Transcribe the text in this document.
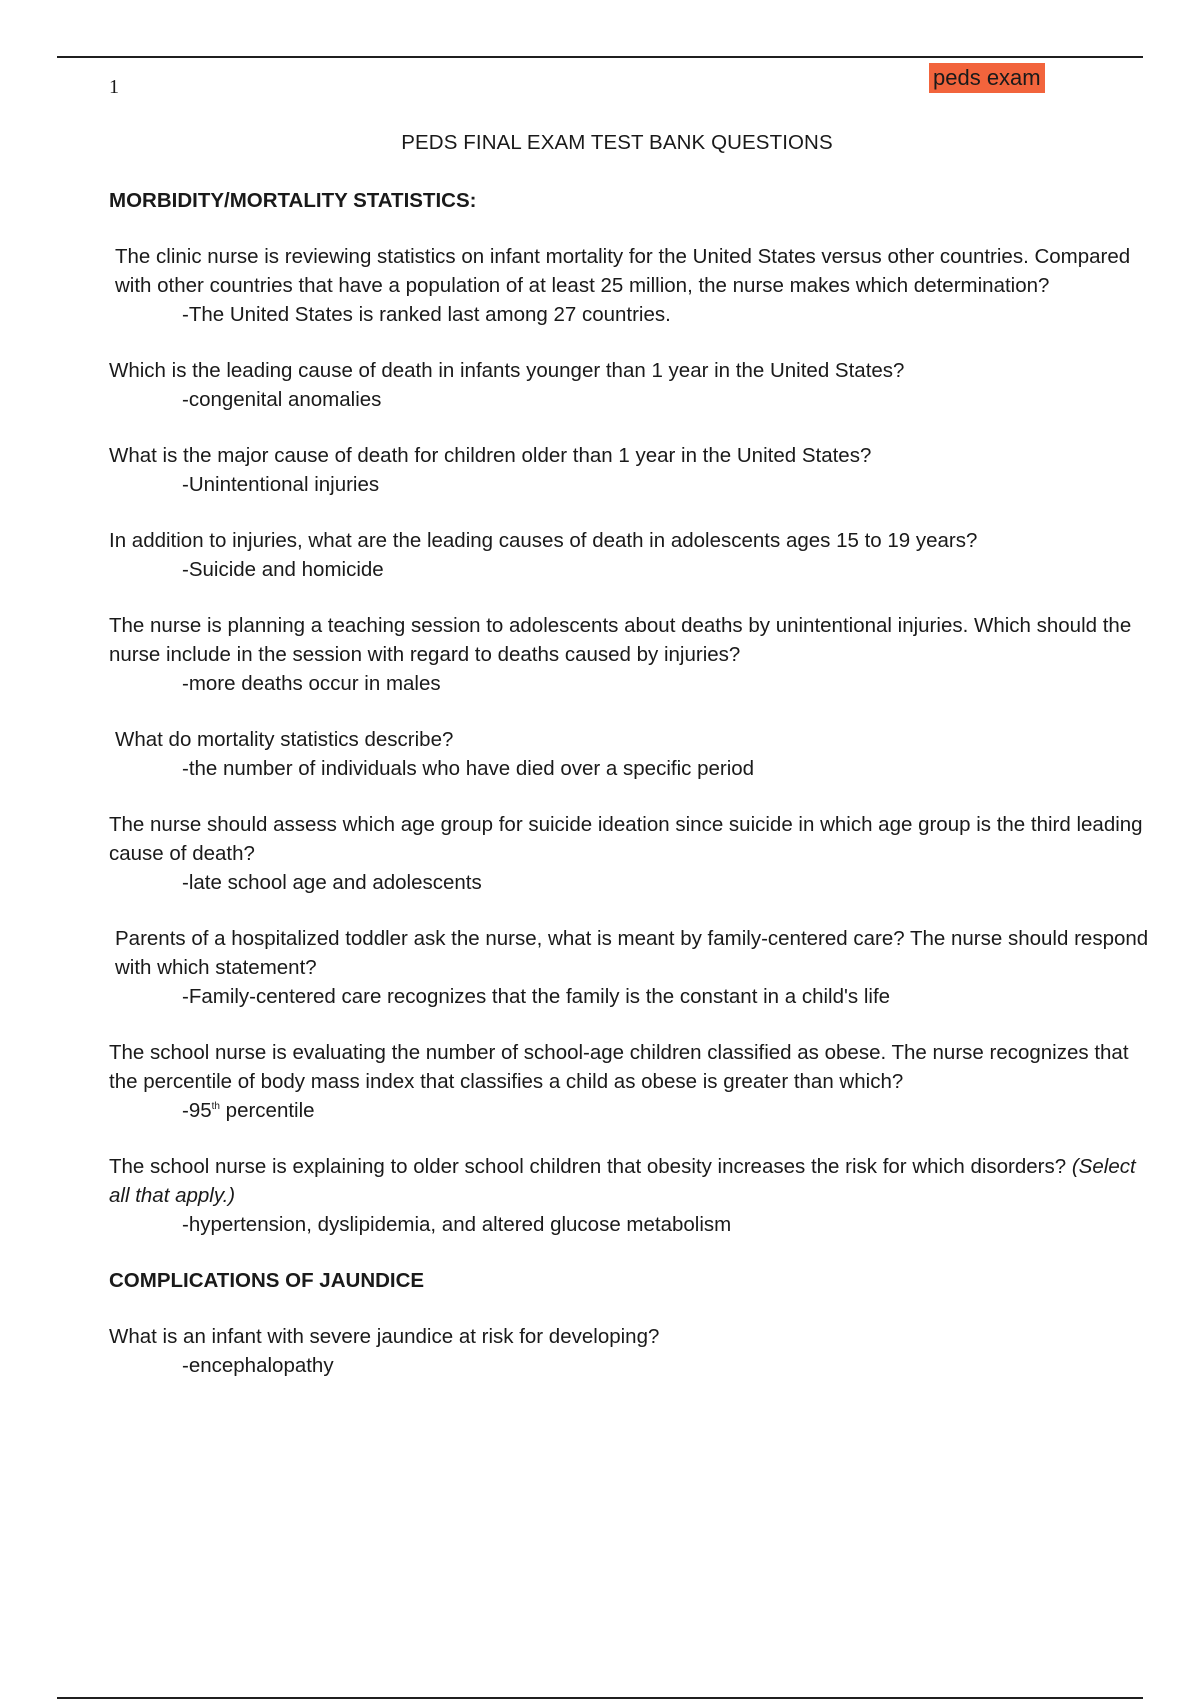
1	peds exam
PEDS FINAL EXAM TEST BANK QUESTIONS

MORBIDITY/MORTALITY STATISTICS:

The clinic nurse is reviewing statistics on infant mortality for the United States versus other countries. Compared with other countries that have a population of at least 25 million, the nurse makes which determination?

-The United States is ranked last among 27 countries.

Which is the leading cause of death in infants younger than 1 year in the United States?

-congenital anomalies

What is the major cause of death for children older than 1 year in the United States?

-Unintentional injuries

In addition to injuries, what are the leading causes of death in adolescents ages 15 to 19 years?

-Suicide and homicide

The nurse is planning a teaching session to adolescents about deaths by unintentional injuries. Which should the nurse include in the session with regard to deaths caused by injuries?

-more deaths occur in males

What do mortality statistics describe?

-the number of individuals who have died over a specific period

The nurse should assess which age group for suicide ideation since suicide in which age group is the third leading cause of death?

-late school age and adolescents

Parents of a hospitalized toddler ask the nurse, what is meant by family-centered care? The nurse should respond with which statement?

-Family-centered care recognizes that the family is the constant in a child's life

The school nurse is evaluating the number of school-age children classified as obese. The nurse recognizes that the percentile of body mass index that classifies a child as obese is greater than which?

-95th percentile

The school nurse is explaining to older school children that obesity increases the risk for which disorders? (Select all that apply.)

-hypertension, dyslipidemia, and altered glucose metabolism

COMPLICATIONS OF JAUNDICE

What is an infant with severe jaundice at risk for developing?

-encephalopathy
